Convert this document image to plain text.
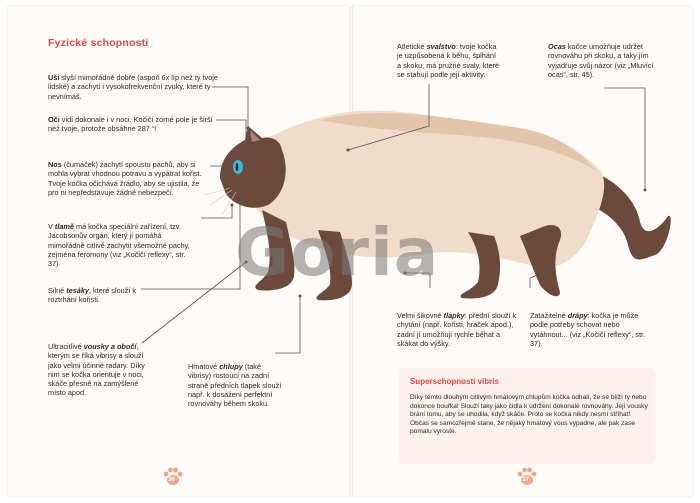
Fyzické schopnosti
Uši slyší mimořádně dobře (aspoň 6x líp než ty tvoje lidské) a zachytí i vysokofrekvenční zvuky, které ty nevnímáš.
Oči vidí dokonale i v noci. Kočičí zorné pole je širší než tvoje, protože obsáhne 287 °!
Nos (čumáček) zachytí spoustu pachů, aby si mohla vybrat vhodnou potravu a vypátrat kořist. Tvoje kočka očichává žrádlo, aby se ujistila, že pro ni nepředstavuje žádné nebezpečí.
V tlamě má kočka speciální zařízení, tzv. Jacobsonův orgán, který jí pomáhá mimořádně citlivě zachytit všemožné pachy, zejména feromony (viz „Kočičí reflexy“, str. 37).
Silné tesáky, které slouží k roztrhání kořisti.
Ultracitlivé vousky a obočí, kterým se říká vibrisy a slouží jako velmi účinné radary. Díky nim se kočka orientuje v noci, skáče přesně na zamýšlené místo apod.
Hmatové chlupy (také vibrisy) rostoucí na zadní straně předních tlapek slouží např. k dosažení perfektní rovnováhy během skoku.
Atletické svalstvo: tvoje kočka je uzpůsobená k běhu, šplhání a skoku, má pružné svaly, které se stahují podle její aktivity.
Ocas kočce umožňuje udržet rovnováhu při skoku, a taky jím vyjadřuje svůj názor (viz „Mluvící ocas“, str. 45).
Velmi šikovné tlapky: přední slouží k chytání (např. kořisti, hraček apod.), zadní jí umožňují rychle běhat a skákat do výšky.
Zatažitelné drápy: kočka je může podle potřeby schovat nebo vytáhnout... (viz „Kočičí reflexy“, str. 37).
Superschopnosti vibris
Díky těmto dlouhým citlivým hmatovým chlupům kočka odhalí, že se blíží ty nebo dokonce bouřka! Slouží taky jako čidla k udržení dokonalé rovnováhy. Její vousky brání tomu, aby se uhodila, když skáče. Proto se kočka nikdy nesmí stříhat! Občas se samozřejmě stane, že nějaký hmatový vous vypadne, ale pak zase pomalu vyroste.
Goria
36	37
